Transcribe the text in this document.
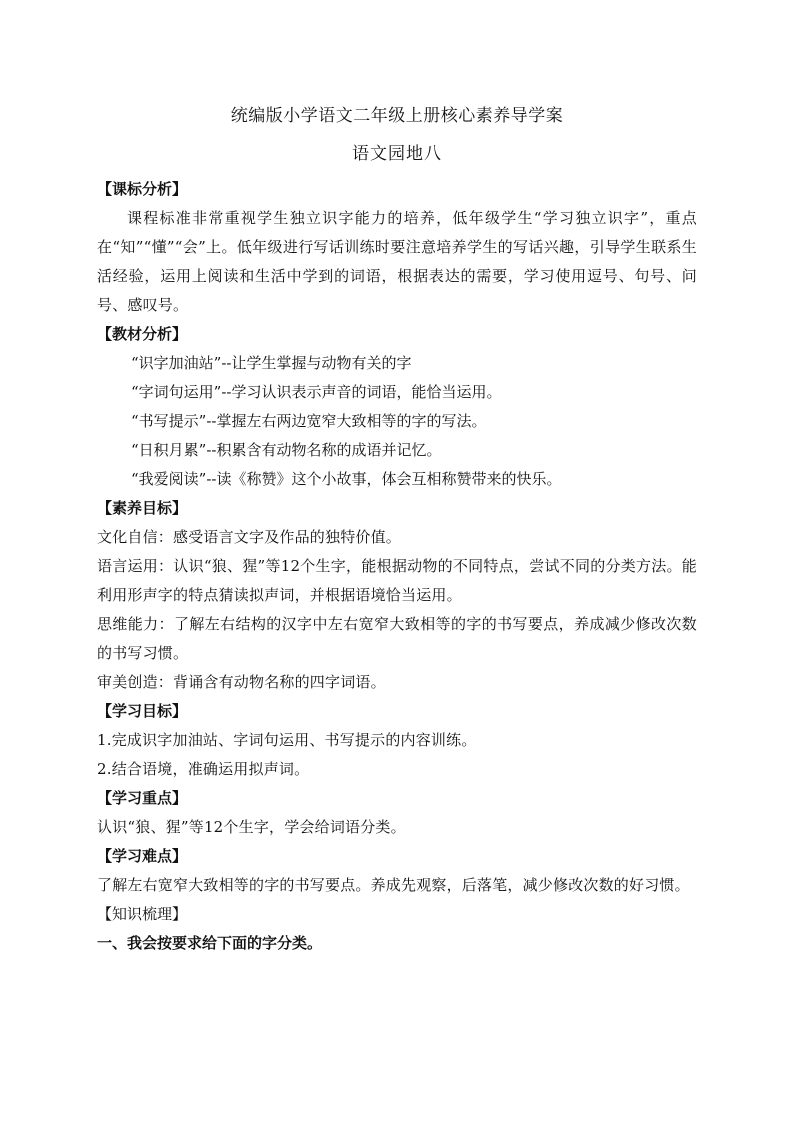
统编版小学语文二年级上册核心素养导学案
语文园地八
【课标分析】
课程标准非常重视学生独立识字能力的培养，低年级学生“学习独立识字”，重点在“知”“懂”“会”上。低年级进行写话训练时要注意培养学生的写话兴趣，引导学生联系生活经验，运用上阅读和生活中学到的词语，根据表达的需要，学习使用逗号、句号、问号、感叹号。
【教材分析】
“识字加油站”--让学生掌握与动物有关的字
“字词句运用”--学习认识表示声音的词语，能恰当运用。
“书写提示”--掌握左右两边宽窄大致相等的字的写法。
“日积月累”--积累含有动物名称的成语并记忆。
“我爱阅读”--读《称赞》这个小故事，体会互相称赞带来的快乐。
【素养目标】
文化自信：感受语言文字及作品的独特价值。
语言运用：认识“狼、猩”等12个生字，能根据动物的不同特点，尝试不同的分类方法。能利用形声字的特点猜读拟声词，并根据语境恰当运用。
思维能力：了解左右结构的汉字中左右宽窄大致相等的字的书写要点，养成减少修改次数的书写习惯。
审美创造：背诵含有动物名称的四字词语。
【学习目标】
1.完成识字加油站、字词句运用、书写提示的内容训练。
2.结合语境，准确运用拟声词。
【学习重点】
认识“狼、猩”等12个生字，学会给词语分类。
【学习难点】
了解左右宽窄大致相等的字的书写要点。养成先观察，后落笔，减少修改次数的好习惯。
【知识梳理】
一、我会按要求给下面的字分类。
